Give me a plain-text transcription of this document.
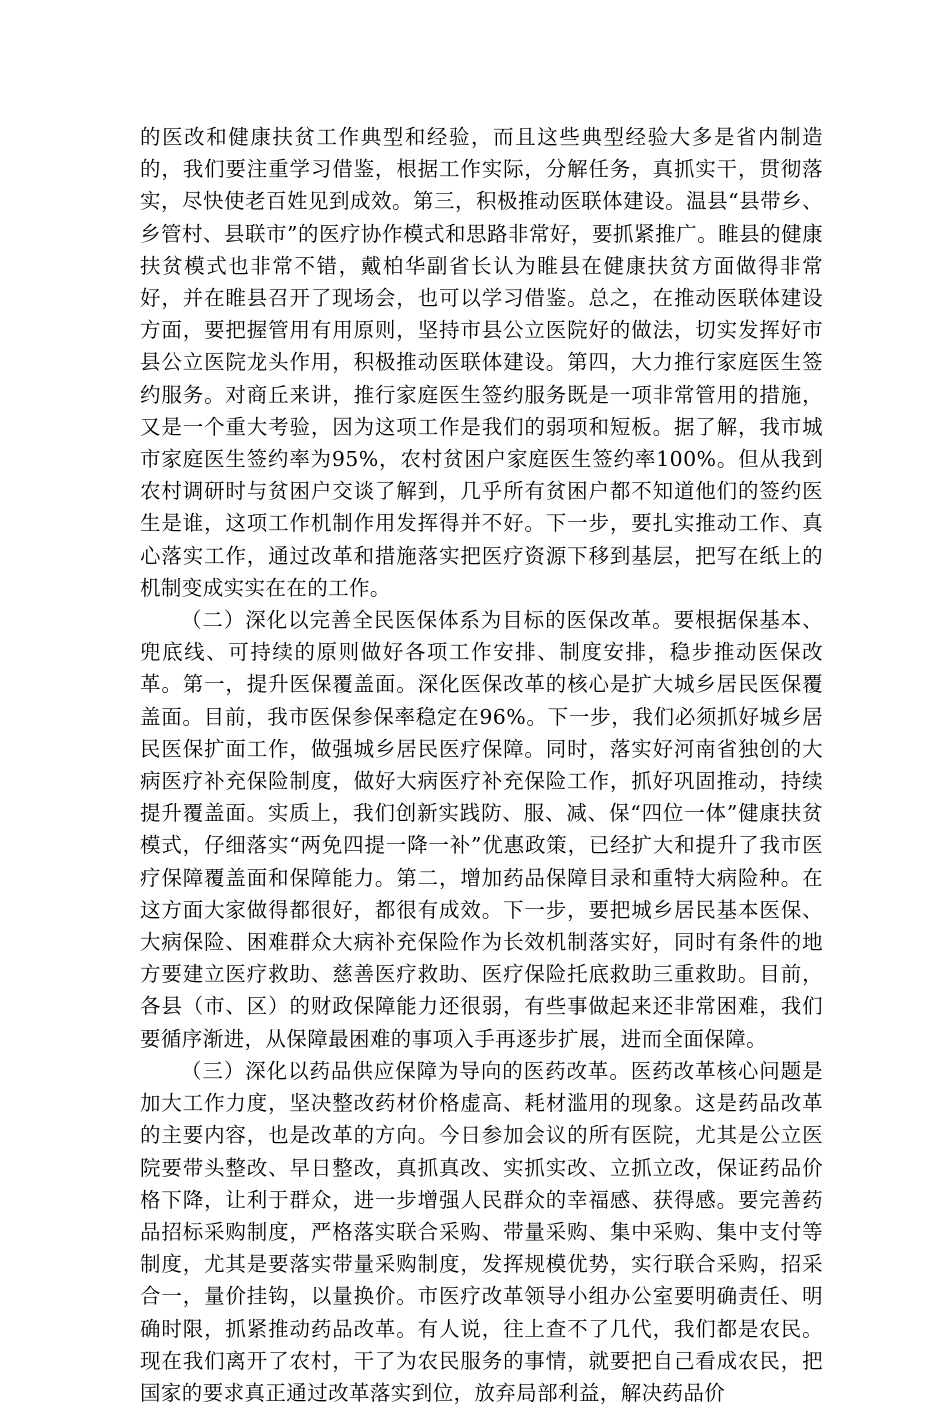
的医改和健康扶贫工作典型和经验，而且这些典型经验大多是省内制造的，我们要注重学习借鉴，根据工作实际，分解任务，真抓实干，贯彻落实，尽快使老百姓见到成效。第三，积极推动医联体建设。温县“县带乡、乡管村、县联市”的医疗协作模式和思路非常好，要抓紧推广。睢县的健康扶贫模式也非常不错，戴柏华副省长认为睢县在健康扶贫方面做得非常好，并在睢县召开了现场会，也可以学习借鉴。总之，在推动医联体建设方面，要把握管用有用原则，坚持市县公立医院好的做法，切实发挥好市县公立医院龙头作用，积极推动医联体建设。第四，大力推行家庭医生签约服务。对商丘来讲，推行家庭医生签约服务既是一项非常管用的措施，又是一个重大考验，因为这项工作是我们的弱项和短板。据了解，我市城市家庭医生签约率为95%，农村贫困户家庭医生签约率100%。但从我到农村调研时与贫困户交谈了解到，几乎所有贫困户都不知道他们的签约医生是谁，这项工作机制作用发挥得并不好。下一步，要扎实推动工作、真心落实工作，通过改革和措施落实把医疗资源下移到基层，把写在纸上的机制变成实实在在的工作。

（二）深化以完善全民医保体系为目标的医保改革。要根据保基本、兜底线、可持续的原则做好各项工作安排、制度安排，稳步推动医保改革。第一，提升医保覆盖面。深化医保改革的核心是扩大城乡居民医保覆盖面。目前，我市医保参保率稳定在96%。下一步，我们必须抓好城乡居民医保扩面工作，做强城乡居民医疗保障。同时，落实好河南省独创的大病医疗补充保险制度，做好大病医疗补充保险工作，抓好巩固推动，持续提升覆盖面。实质上，我们创新实践防、服、减、保“四位一体”健康扶贫模式，仔细落实“两免四提一降一补”优惠政策，已经扩大和提升了我市医疗保障覆盖面和保障能力。第二，增加药品保障目录和重特大病险种。在这方面大家做得都很好，都很有成效。下一步，要把城乡居民基本医保、大病保险、困难群众大病补充保险作为长效机制落实好，同时有条件的地方要建立医疗救助、慈善医疗救助、医疗保险托底救助三重救助。目前，各县（市、区）的财政保障能力还很弱，有些事做起来还非常困难，我们要循序渐进，从保障最困难的事项入手再逐步扩展，进而全面保障。

（三）深化以药品供应保障为导向的医药改革。医药改革核心问题是加大工作力度，坚决整改药材价格虚高、耗材滥用的现象。这是药品改革的主要内容，也是改革的方向。今日参加会议的所有医院，尤其是公立医院要带头整改、早日整改，真抓真改、实抓实改、立抓立改，保证药品价格下降，让利于群众，进一步增强人民群众的幸福感、获得感。要完善药品招标采购制度，严格落实联合采购、带量采购、集中采购、集中支付等制度，尤其是要落实带量采购制度，发挥规模优势，实行联合采购，招采合一，量价挂钩，以量换价。市医疗改革领导小组办公室要明确责任、明确时限，抓紧推动药品改革。有人说，往上查不了几代，我们都是农民。现在我们离开了农村，干了为农民服务的事情，就要把自己看成农民，把国家的要求真正通过改革落实到位，放弃局部利益，解决药品价
